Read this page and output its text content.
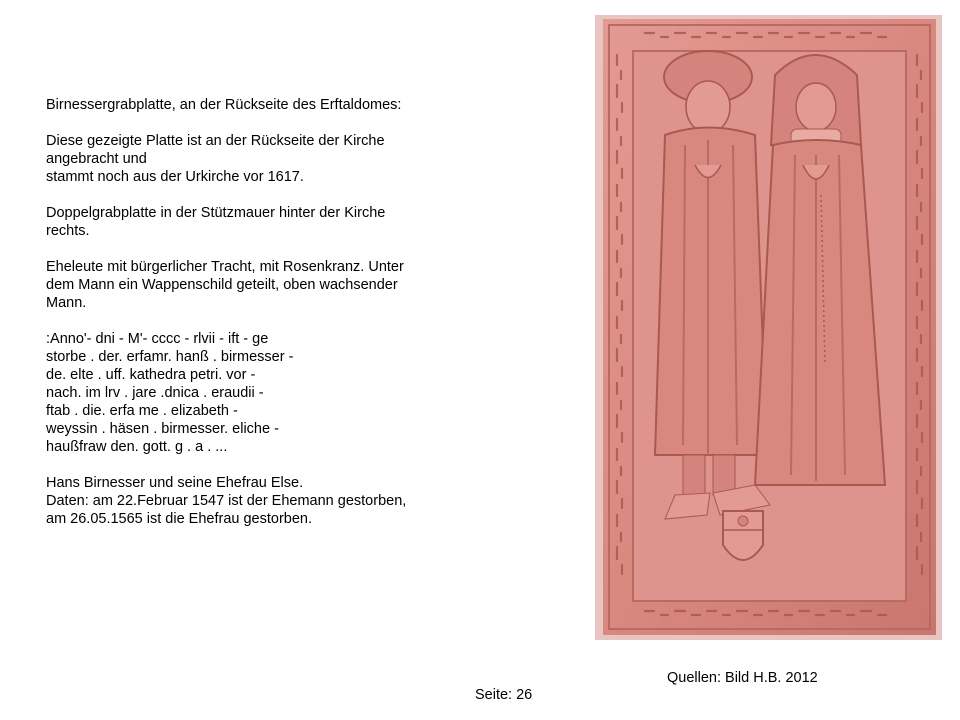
Birnessergrabplatte, an der Rückseite des Erftaldomes:

Diese gezeigte Platte ist an der Rückseite der Kirche
angebracht und
stammt noch aus der Urkirche vor 1617.

Doppelgrabplatte in der Stützmauer hinter der Kirche
rechts.

Eheleute mit bürgerlicher Tracht, mit Rosenkranz. Unter
dem Mann ein Wappenschild geteilt, oben wachsender
Mann.

:Anno'- dni - M'- cccc - rlvii - ift - ge
storbe . der. erfamr. hanß . birmesser -
de. elte . uff. kathedra petri. vor -
nach. im lrv . jare .dnica . eraudii -
ftab . die. erfa me . elizabeth -
weyssin . häsen . birmesser. eliche -
haußfraw den. gott. g . a . ...

Hans Birnesser und seine Ehefrau Else.
Daten: am 22.Februar 1547 ist der Ehemann gestorben,
am 26.05.1565 ist die Ehefrau gestorben.

Quellen: Bild H.B. 2012
Seite: 26
